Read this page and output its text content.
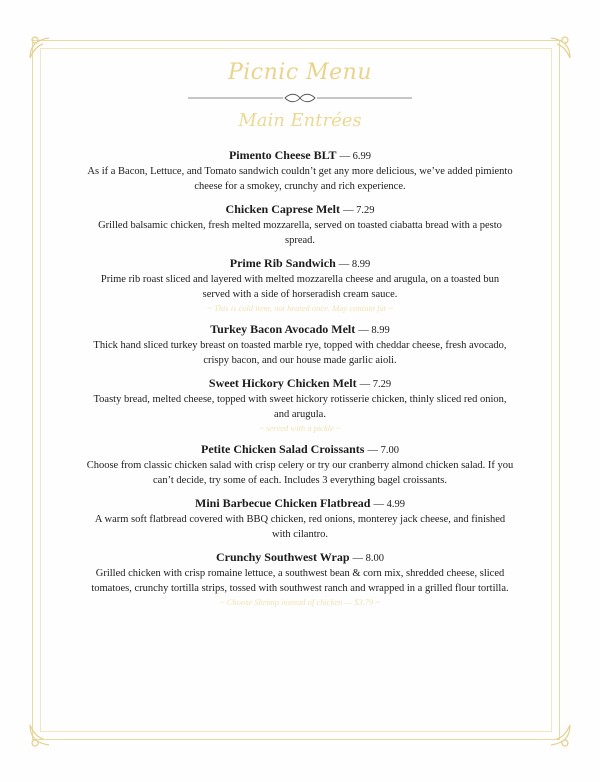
Picnic Menu
Main Entrées
Pimento Cheese BLT — 6.99
As if a Bacon, Lettuce, and Tomato sandwich couldn’t get any more delicious, we’ve added pimiento cheese for a smokey, crunchy and rich experience.
Chicken Caprese Melt — 7.29
Grilled balsamic chicken, fresh melted mozzarella, served on toasted ciabatta bread with a pesto spread.
Prime Rib Sandwich — 8.99
Prime rib roast sliced and layered with melted mozzarella cheese and arugula, on a toasted bun served with a side of horseradish cream sauce.
~ This is cold item, not heated once. May contain fat ~
Turkey Bacon Avocado Melt — 8.99
Thick hand sliced turkey breast on toasted marble rye, topped with cheddar cheese, fresh avocado, crispy bacon, and our house made garlic aioli.
Sweet Hickory Chicken Melt — 7.29
Toasty bread, melted cheese, topped with sweet hickory rotisserie chicken, thinly sliced red onion, and arugula.
~ served with a pickle ~
Petite Chicken Salad Croissants — 7.00
Choose from classic chicken salad with crisp celery or try our cranberry almond chicken salad. If you can’t decide, try some of each. Includes 3 everything bagel croissants.
Mini Barbecue Chicken Flatbread — 4.99
A warm soft flatbread covered with BBQ chicken, red onions, monterey jack cheese, and finished with cilantro.
Crunchy Southwest Wrap — 8.00
Grilled chicken with crisp romaine lettuce, a southwest bean & corn mix, shredded cheese, sliced tomatoes, crunchy tortilla strips, tossed with southwest ranch and wrapped in a grilled flour tortilla.
~ Choose Shrimp instead of chicken — $3.79 ~
